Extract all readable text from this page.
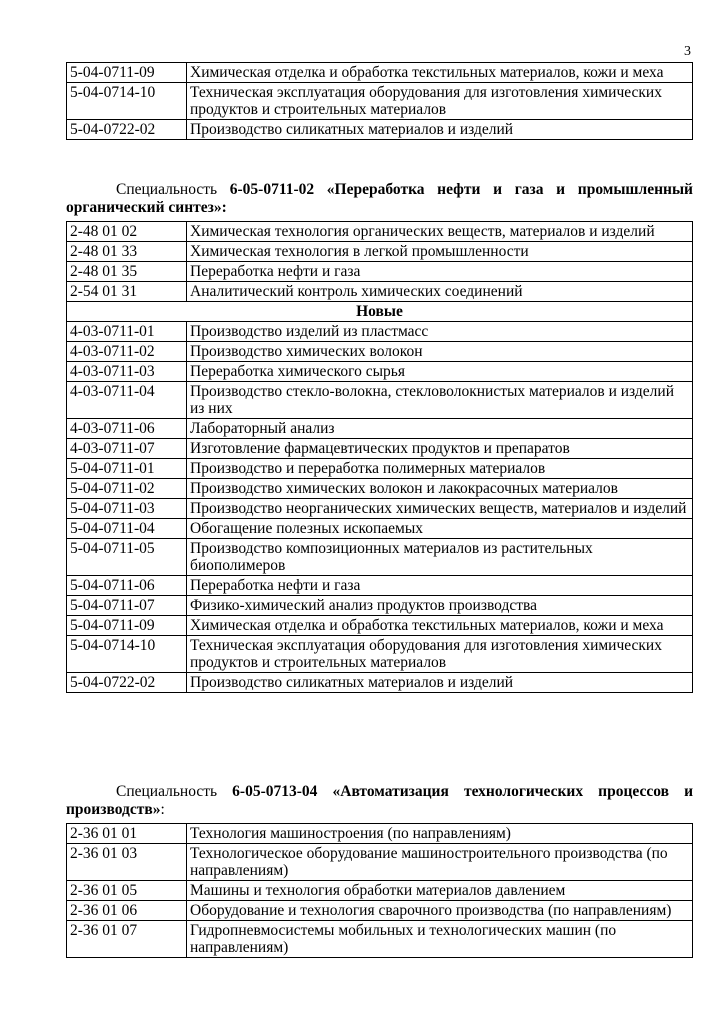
3
5-04-0711-09	Химическая отделка и обработка текстильных материалов, кожи и меха
5-04-0714-10	Техническая эксплуатация оборудования для изготовления химических продуктов и строительных материалов
5-04-0722-02	Производство силикатных материалов и изделий
Специальность 6-05-0711-02 «Переработка нефти и газа и промышленный органический синтез»:
2-48 01 02	Химическая технология органических веществ, материалов и изделий
2-48 01 33	Химическая технология в легкой промышленности
2-48 01 35	Переработка нефти и газа
2-54 01 31	Аналитический контроль химических соединений
Новые	
4-03-0711-01	Производство изделий из пластмасс
4-03-0711-02	Производство химических волокон
4-03-0711-03	Переработка химического сырья
4-03-0711-04	Производство стекло-волокна, стекловолокнистых материалов и изделий из них
4-03-0711-06	Лабораторный анализ
4-03-0711-07	Изготовление фармацевтических продуктов и препаратов
5-04-0711-01	Производство и переработка полимерных материалов
5-04-0711-02	Производство химических волокон и лакокрасочных материалов
5-04-0711-03	Производство неорганических химических веществ, материалов и изделий
5-04-0711-04	Обогащение полезных ископаемых
5-04-0711-05	Производство композиционных материалов из растительных биополимеров
5-04-0711-06	Переработка нефти и газа
5-04-0711-07	Физико-химический анализ продуктов производства
5-04-0711-09	Химическая отделка и обработка текстильных материалов, кожи и меха
5-04-0714-10	Техническая эксплуатация оборудования для изготовления химических продуктов и строительных материалов
5-04-0722-02	Производство силикатных материалов и изделий
Специальность 6-05-0713-04 «Автоматизация технологических процессов и производств»:
2-36 01 01	Технология машиностроения (по направлениям)
2-36 01 03	Технологическое оборудование машиностроительного производства (по направлениям)
2-36 01 05	Машины и технология обработки материалов давлением
2-36 01 06	Оборудование и технология сварочного производства (по направлениям)
2-36 01 07	Гидропневмосистемы мобильных и технологических машин (по направлениям)
